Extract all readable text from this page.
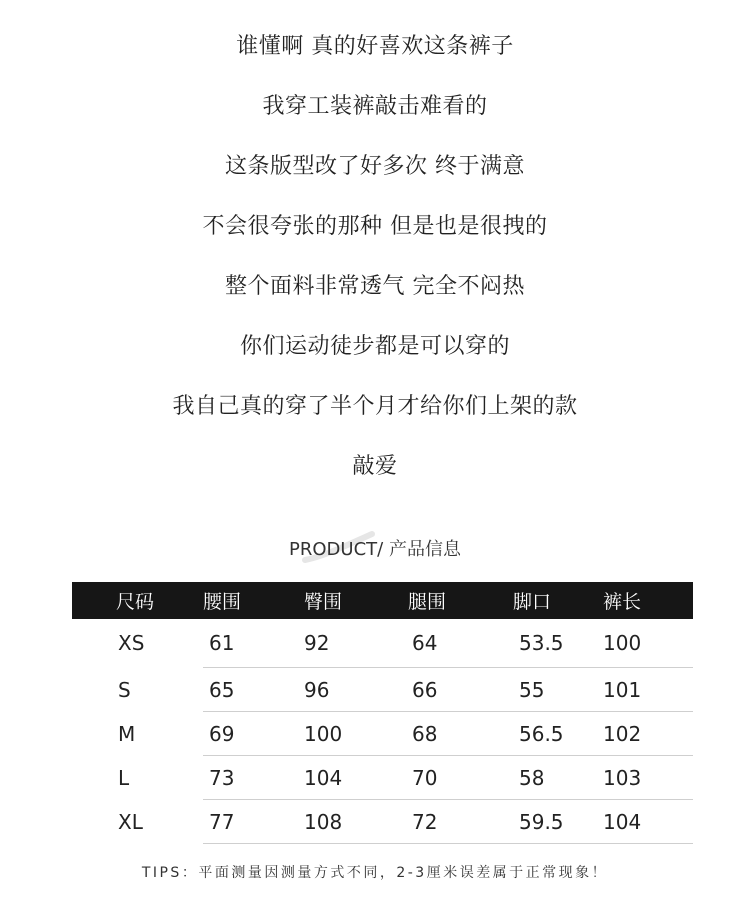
谁懂啊 真的好喜欢这条裤子
我穿工装裤敲击难看的
这条版型改了好多次 终于满意
不会很夸张的那种 但是也是很拽的
整个面料非常透气 完全不闷热
你们运动徒步都是可以穿的
我自己真的穿了半个月才给你们上架的款
敲爱
PRODUCT/ 产品信息
尺码	腰围	臀围	腿围	脚口	裤长
XS	61	92	64	53.5	100
S	65	96	66	55	101
M	69	100	68	56.5	102
L	73	104	70	58	103
XL	77	108	72	59.5	104
TIPS：平面测量因测量方式不同，2-3厘米误差属于正常现象！
